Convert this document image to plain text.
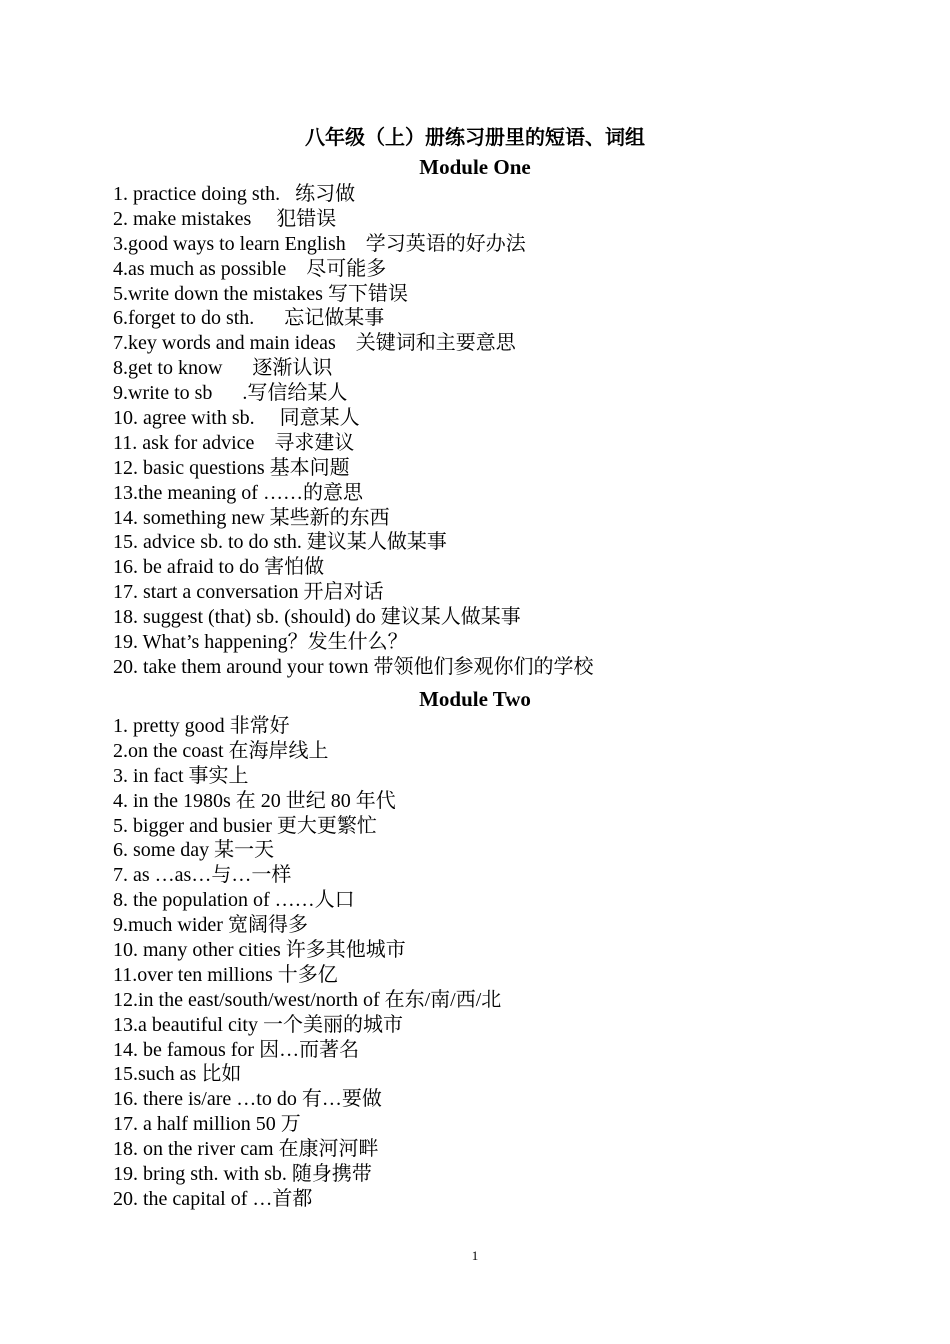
八年级（上）册练习册里的短语、词组
Module One
1. practice doing sth.   练习做
2. make mistakes     犯错误
3.good ways to learn English    学习英语的好办法
4.as much as possible    尽可能多
5.write down the mistakes 写下错误
6.forget to do sth.      忘记做某事
7.key words and main ideas    关键词和主要意思
8.get to know      逐渐认识
9.write to sb      .写信给某人
10. agree with sb.     同意某人
11. ask for advice    寻求建议
12. basic questions 基本问题
13.the meaning of ……的意思
14. something new 某些新的东西
15. advice sb. to do sth. 建议某人做某事
16. be afraid to do 害怕做
17. start a conversation 开启对话
18. suggest (that) sb. (should) do 建议某人做某事
19. What’s happening？发生什么？
20. take them around your town 带领他们参观你们的学校
Module Two
1. pretty good 非常好
2.on the coast 在海岸线上
3. in fact 事实上
4. in the 1980s 在 20 世纪 80 年代
5. bigger and busier 更大更繁忙
6. some day 某一天
7. as …as…与…一样
8. the population of ……人口
9.much wider 宽阔得多
10. many other cities 许多其他城市
11.over ten millions 十多亿
12.in the east/south/west/north of 在东/南/西/北
13.a beautiful city 一个美丽的城市
14. be famous for 因…而著名
15.such as 比如
16. there is/are …to do 有…要做
17. a half million 50 万
18. on the river cam 在康河河畔
19. bring sth. with sb. 随身携带
20. the capital of …首都
1
